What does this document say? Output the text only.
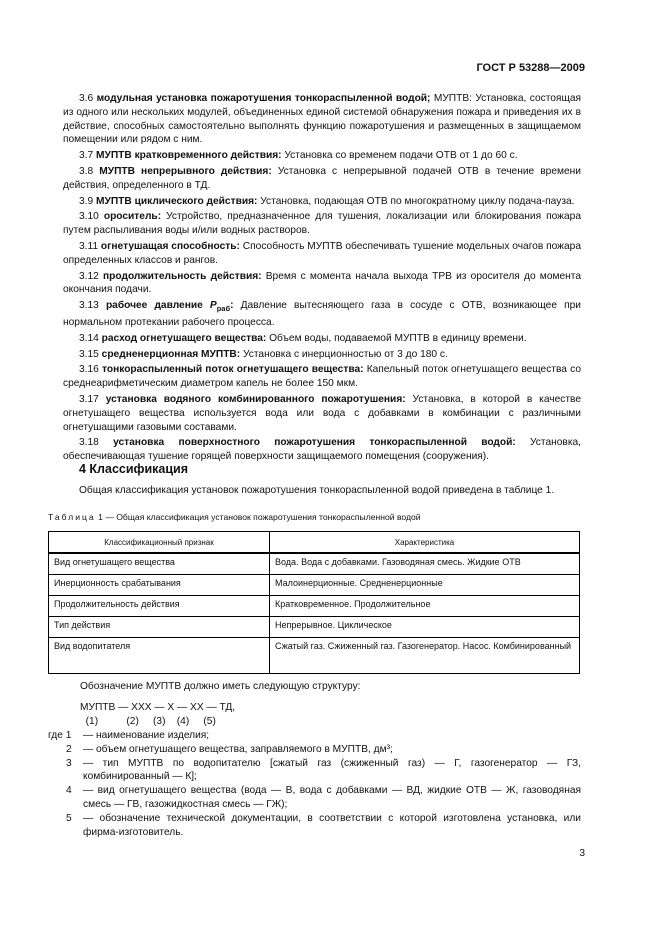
ГОСТ Р 53288—2009

3.6 модульная установка пожаротушения тонкораспыленной водой; МУПТВ: Установка, состоящая из одного или нескольких модулей, объединенных единой системой обнаружения пожара и приведения их в действие, способных самостоятельно выполнять функцию пожаротушения и размещенных в защищаемом помещении или рядом с ним.

3.7 МУПТВ кратковременного действия: Установка со временем подачи ОТВ от 1 до 60 с.

3.8 МУПТВ непрерывного действия: Установка с непрерывной подачей ОТВ в течение времени действия, определенного в ТД.

3.9 МУПТВ циклического действия: Установка, подающая ОТВ по многократному циклу подача-пауза.

3.10 ороситель: Устройство, предназначенное для тушения, локализации или блокирования пожара путем распыливания воды и/или водных растворов.

3.11 огнетушащая способность: Способность МУПТВ обеспечивать тушение модельных очагов пожара определенных классов и рангов.

3.12 продолжительность действия: Время с момента начала выхода ТРВ из оросителя до момента окончания подачи.

3.13 рабочее давление $P_{раб}$: Давление вытесняющего газа в сосуде с ОТВ, возникающее при нормальном протекании рабочего процесса.

3.14 расход огнетушащего вещества: Объем воды, подаваемой МУПТВ в единицу времени.

3.15 средненерционная МУПТВ: Установка с инерционностью от 3 до 180 с.

3.16 тонкораспыленный поток огнетушащего вещества: Капельный поток огнетушащего вещества со среднеарифметическим диаметром капель не более 150 мкм.

3.17 установка водяного комбинированного пожаротушения: Установка, в которой в качестве огнетушащего вещества используется вода или вода с добавками в комбинации с различными огнетушащими газовыми составами.

3.18 установка поверхностного пожаротушения тонкораспыленной водой: Установка, обеспечивающая тушение горящей поверхности защищаемого помещения (сооружения).

4 Классификация
Общая классификация установок пожаротушения тонкораспыленной водой приведена в таблице 1.
Таблица 1 — Общая классификация установок пожаротушения тонкораспыленной водой
Классификационный признак	Характеристика
Вид огнетушащего вещества	Вода. Вода с добавками. Газоводяная смесь. Жидкие ОТВ
Инерционность срабатывания	Малоинерционные. Средненерционные
Продолжительность действия	Кратковременное. Продолжительное
Тип действия	Непрерывное. Циклическое
Вид водопитателя	Сжатый газ. Сжиженный газ. Газогенератор. Насос. Комбинированный
Обозначение МУПТВ должно иметь следующую структуру:
МУПТВ — ХХХ — Х — ХХ — ТД,
(1)          (2)     (3)    (4)     (5)
где 1 — наименование изделия;
2 — объем огнетушащего вещества, заправляемого в МУПТВ, дм³;
3 — тип МУПТВ по водопитателю [сжатый газ (сжиженный газ) — Г, газогенератор — ГЗ, комбинированный — К];
4 — вид огнетушащего вещества (вода — В, вода с добавками — ВД, жидкие ОТВ — Ж, газоводяная смесь — ГВ, газожидкостная смесь — ГЖ);
5 — обозначение технической документации, в соответствии с которой изготовлена установка, или фирма-изготовитель.
3
